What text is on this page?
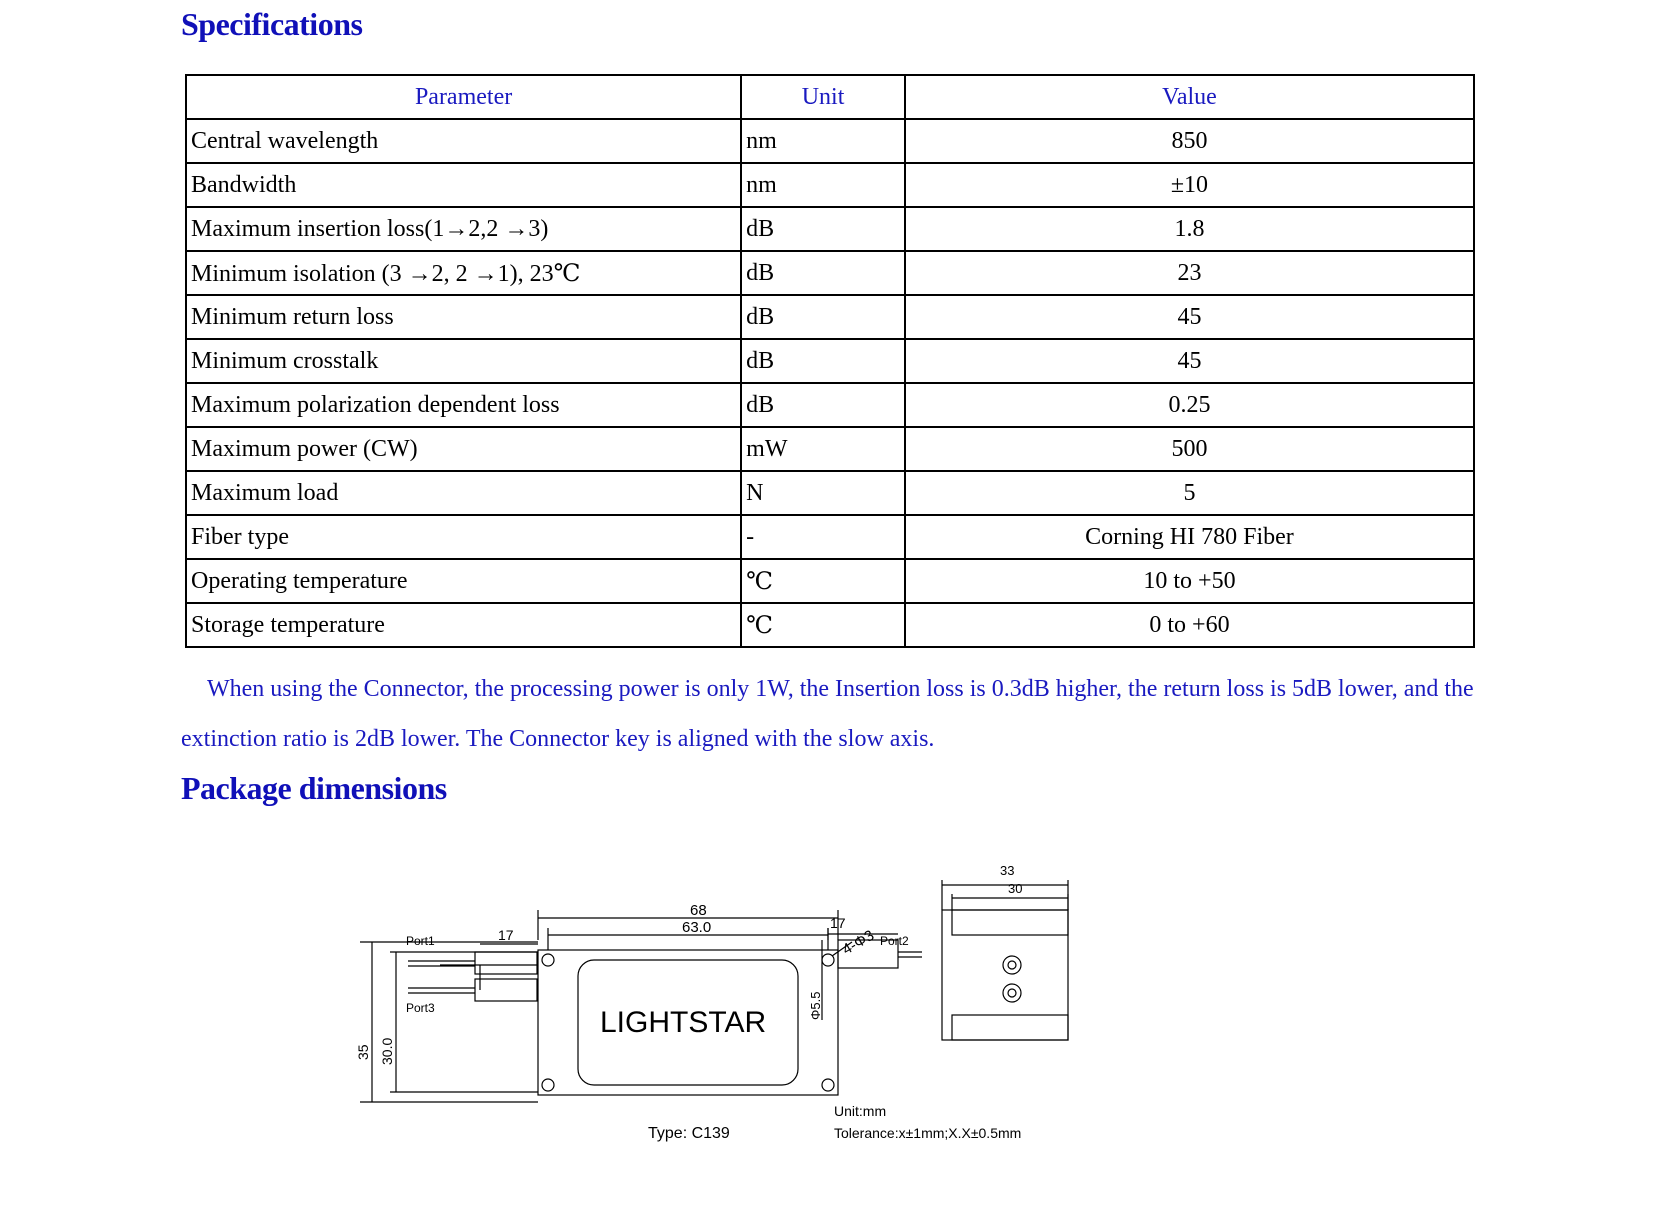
Specifications
Parameter	Unit	Value
Central wavelength	nm	850
Bandwidth	nm	±10
Maximum insertion loss(1→2,2 →3)	dB	1.8
Minimum isolation (3 →2, 2 →1), 23℃	dB	23
Minimum return loss	dB	45
Minimum crosstalk	dB	45
Maximum polarization dependent loss	dB	0.25
Maximum power (CW)	mW	500
Maximum load	N	5
Fiber type	-	Corning HI 780 Fiber
Operating temperature	℃	10 to +50
Storage temperature	℃	0 to +60

When using the Connector, the processing power is only 1W, the Insertion loss is 0.3dB higher, the return loss is 5dB lower, and the extinction ratio is 2dB lower. The Connector key is aligned with the slow axis.

Package dimensions
68
63.0
LIGHTSTAR
4-Φ3
35 30.0
17
Port1
Port3
17
Port2
Φ5.5
33
30
Type: C139
Unit:mm
Tolerance:x±1mm;X.X±0.5mm
